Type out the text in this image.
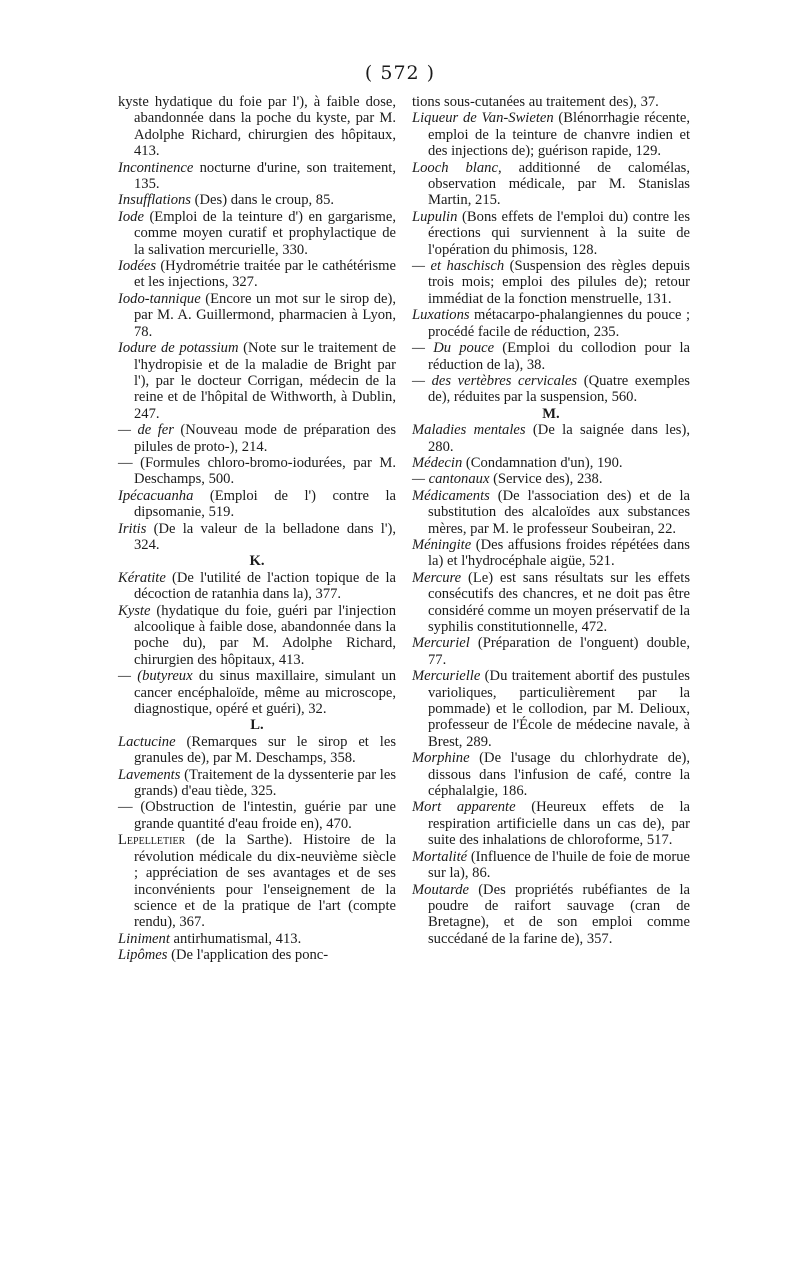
( 572 )

kyste hydatique du foie par l'), à faible dose, abandonnée dans la poche du kyste, par M. Adolphe Richard, chirurgien des hôpitaux, 413.

Incontinence nocturne d'urine, son traitement, 135.

Insufflations (Des) dans le croup, 85.

Iode (Emploi de la teinture d') en gargarisme, comme moyen curatif et prophylactique de la salivation mercurielle, 330.

Iodées (Hydrométrie traitée par le cathétérisme et les injections, 327.

Iodo-tannique (Encore un mot sur le sirop de), par M. A. Guillermond, pharmacien à Lyon, 78.

Iodure de potassium (Note sur le traitement de l'hydropisie et de la maladie de Bright par l'), par le docteur Corrigan, médecin de la reine et de l'hôpital de Withworth, à Dublin, 247.

— de fer (Nouveau mode de préparation des pilules de proto-), 214.

— (Formules chloro-bromo-iodurées, par M. Deschamps, 500.

Ipécacuanha (Emploi de l') contre la dipsomanie, 519.

Iritis (De la valeur de la belladone dans l'), 324.

K.

Kératite (De l'utilité de l'action topique de la décoction de ratanhia dans la), 377.

Kyste (hydatique du foie, guéri par l'injection alcoolique à faible dose, abandonnée dans la poche du), par M. Adolphe Richard, chirurgien des hôpitaux, 413.

— (butyreux du sinus maxillaire, simulant un cancer encéphaloïde, même au microscope, diagnostique, opéré et guéri), 32.

L.

Lactucine (Remarques sur le sirop et les granules de), par M. Deschamps, 358.

Lavements (Traitement de la dyssenterie par les grands) d'eau tiède, 325.

— (Obstruction de l'intestin, guérie par une grande quantité d'eau froide en), 470.

Lepelletier (de la Sarthe). Histoire de la révolution médicale du dix-neuvième siècle ; appréciation de ses avantages et de ses inconvénients pour l'enseignement de la science et de la pratique de l'art (compte rendu), 367.

Liniment antirhumatismal, 413.

Lipômes (De l'application des ponc-

tions sous-cutanées au traitement des), 37.

Liqueur de Van-Swieten (Blénorrhagie récente, emploi de la teinture de chanvre indien et des injections de); guérison rapide, 129.

Looch blanc, additionné de calomélas, observation médicale, par M. Stanislas Martin, 215.

Lupulin (Bons effets de l'emploi du) contre les érections qui surviennent à la suite de l'opération du phimosis, 128.

— et haschisch (Suspension des règles depuis trois mois; emploi des pilules de); retour immédiat de la fonction menstruelle, 131.

Luxations métacarpo-phalangiennes du pouce ; procédé facile de réduction, 235.

— Du pouce (Emploi du collodion pour la réduction de la), 38.

— des vertèbres cervicales (Quatre exemples de), réduites par la suspension, 560.

M.

Maladies mentales (De la saignée dans les), 280.

Médecin (Condamnation d'un), 190.

— cantonaux (Service des), 238.

Médicaments (De l'association des) et de la substitution des alcaloïdes aux substances mères, par M. le professeur Soubeiran, 22.

Méningite (Des affusions froides répétées dans la) et l'hydrocéphale aigüe, 521.

Mercure (Le) est sans résultats sur les effets consécutifs des chancres, et ne doit pas être considéré comme un moyen préservatif de la syphilis constitutionnelle, 472.

Mercuriel (Préparation de l'onguent) double, 77.

Mercurielle (Du traitement abortif des pustules varioliques, particulièrement par la pommade) et le collodion, par M. Delioux, professeur de l'École de médecine navale, à Brest, 289.

Morphine (De l'usage du chlorhydrate de), dissous dans l'infusion de café, contre la céphalalgie, 186.

Mort apparente (Heureux effets de la respiration artificielle dans un cas de), par suite des inhalations de chloroforme, 517.

Mortalité (Influence de l'huile de foie de morue sur la), 86.

Moutarde (Des propriétés rubéfiantes de la poudre de raifort sauvage (cran de Bretagne), et de son emploi comme succédané de la farine de), 357.
